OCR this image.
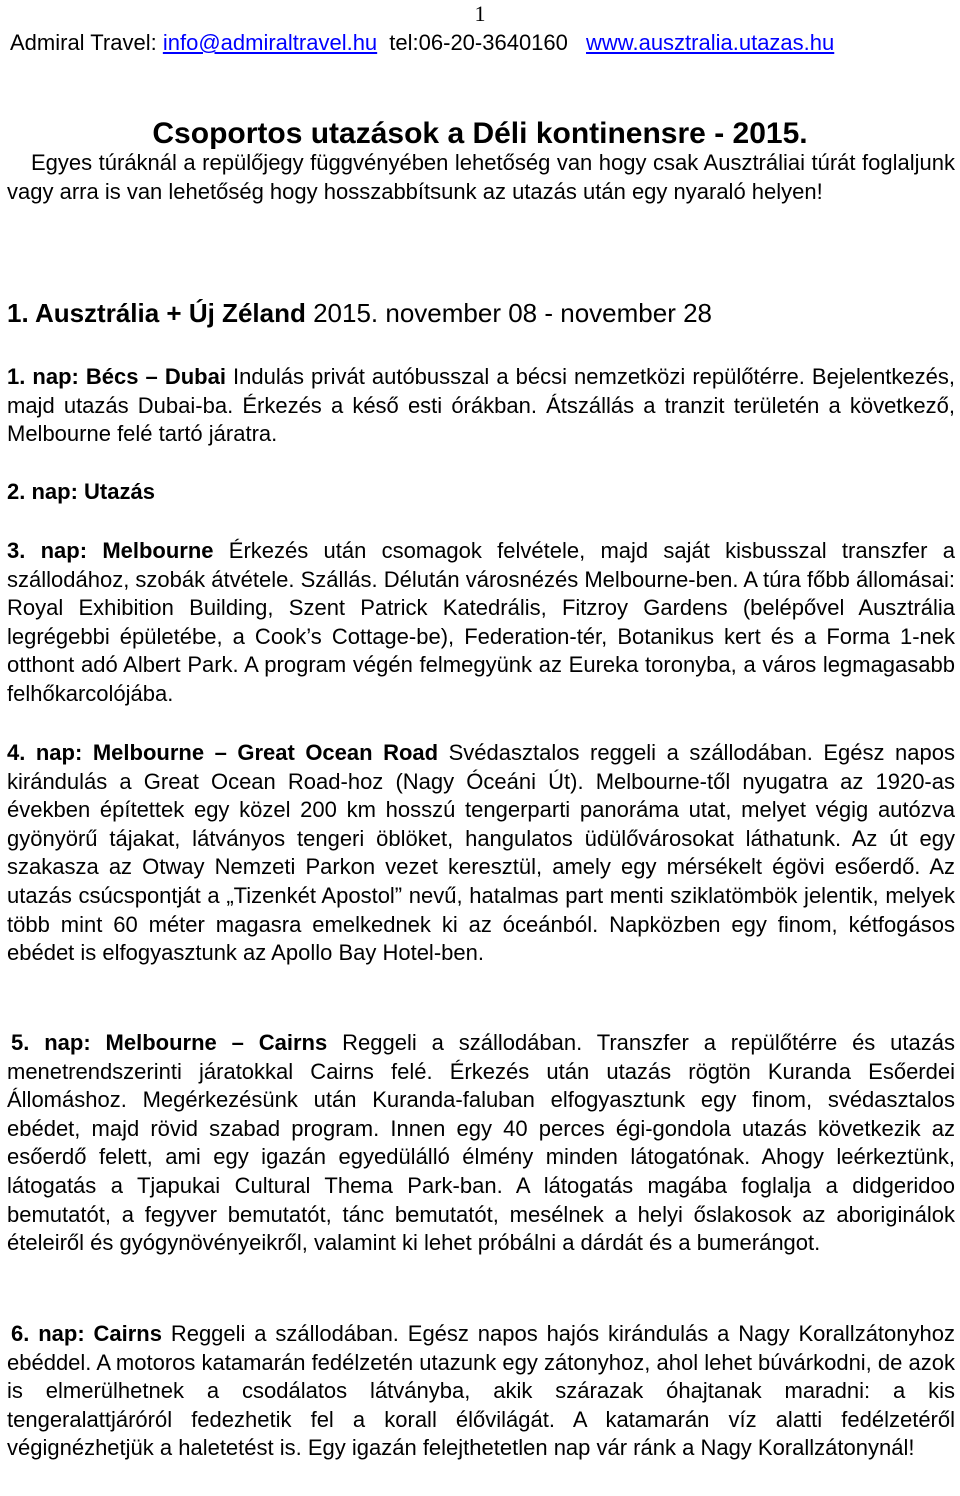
1
Admiral Travel: info@admiraltravel.hu tel:06-20-3640160 www.ausztralia.utazas.hu
Csoportos utazások a Déli kontinensre - 2015.
Egyes túráknál a repülőjegy függvényében lehetőség van hogy csak Ausztráliai túrát foglaljunk vagy arra is van lehetőség hogy hosszabbítsunk az utazás után egy nyaraló helyen!
1. Ausztrália + Új Zéland 2015. november 08 - november 28
1. nap: Bécs – Dubai Indulás privát autóbusszal a bécsi nemzetközi repülőtérre. Bejelentkezés, majd utazás Dubai-ba. Érkezés a késő esti órákban. Átszállás a tranzit területén a következő, Melbourne felé tartó járatra.
2. nap: Utazás
3. nap: Melbourne Érkezés után csomagok felvétele, majd saját kisbusszal transzfer a szállodához, szobák átvétele. Szállás. Délután városnézés Melbourne-ben. A túra főbb állomásai: Royal Exhibition Building, Szent Patrick Katedrális, Fitzroy Gardens (belépővel Ausztrália legrégebbi épületébe, a Cook’s Cottage-be), Federation-tér, Botanikus kert és a Forma 1-nek otthont adó Albert Park. A program végén felmegyünk az Eureka toronyba, a város legmagasabb felhőkarcolójába.
4. nap: Melbourne – Great Ocean Road Svédasztalos reggeli a szállodában. Egész napos kirándulás a Great Ocean Road-hoz (Nagy Óceáni Út). Melbourne-től nyugatra az 1920-as években építettek egy közel 200 km hosszú tengerparti panoráma utat, melyet végig autózva gyönyörű tájakat, látványos tengeri öblöket, hangulatos üdülővárosokat láthatunk. Az út egy szakasza az Otway Nemzeti Parkon vezet keresztül, amely egy mérsékelt égövi esőerdő. Az utazás csúcspontját a „Tizenkét Apostol” nevű, hatalmas part menti sziklatömbök jelentik, melyek több mint 60 méter magasra emelkednek ki az óceánból. Napközben egy finom, kétfogásos ebédet is elfogyasztunk az Apollo Bay Hotel-ben.
5. nap: Melbourne – Cairns Reggeli a szállodában. Transzfer a repülőtérre és utazás menetrendszerinti járatokkal Cairns felé. Érkezés után utazás rögtön Kuranda Esőerdei Állomáshoz. Megérkezésünk után Kuranda-faluban elfogyasztunk egy finom, svédasztalos ebédet, majd rövid szabad program. Innen egy 40 perces égi-gondola utazás következik az esőerdő felett, ami egy igazán egyedülálló élmény minden látogatónak. Ahogy leérkeztünk, látogatás a Tjapukai Cultural Thema Park-ban. A látogatás magába foglalja a didgeridoo bemutatót, a fegyver bemutatót, tánc bemutatót, mesélnek a helyi őslakosok az aboriginálok ételeiről és gyógynövényeikről, valamint ki lehet próbálni a dárdát és a bumerángot.
6. nap: Cairns Reggeli a szállodában. Egész napos hajós kirándulás a Nagy Korallzátonyhoz ebéddel. A motoros katamarán fedélzetén utazunk egy zátonyhoz, ahol lehet búvárkodni, de azok is elmerülhetnek a csodálatos látványba, akik szárazak óhajtanak maradni: a kis tengeralattjáróról fedezhetik fel a korall élővilágát. A katamarán víz alatti fedélzetéről végignézhetjük a haletetést is. Egy igazán felejthetetlen nap vár ránk a Nagy Korallzátonynál!
